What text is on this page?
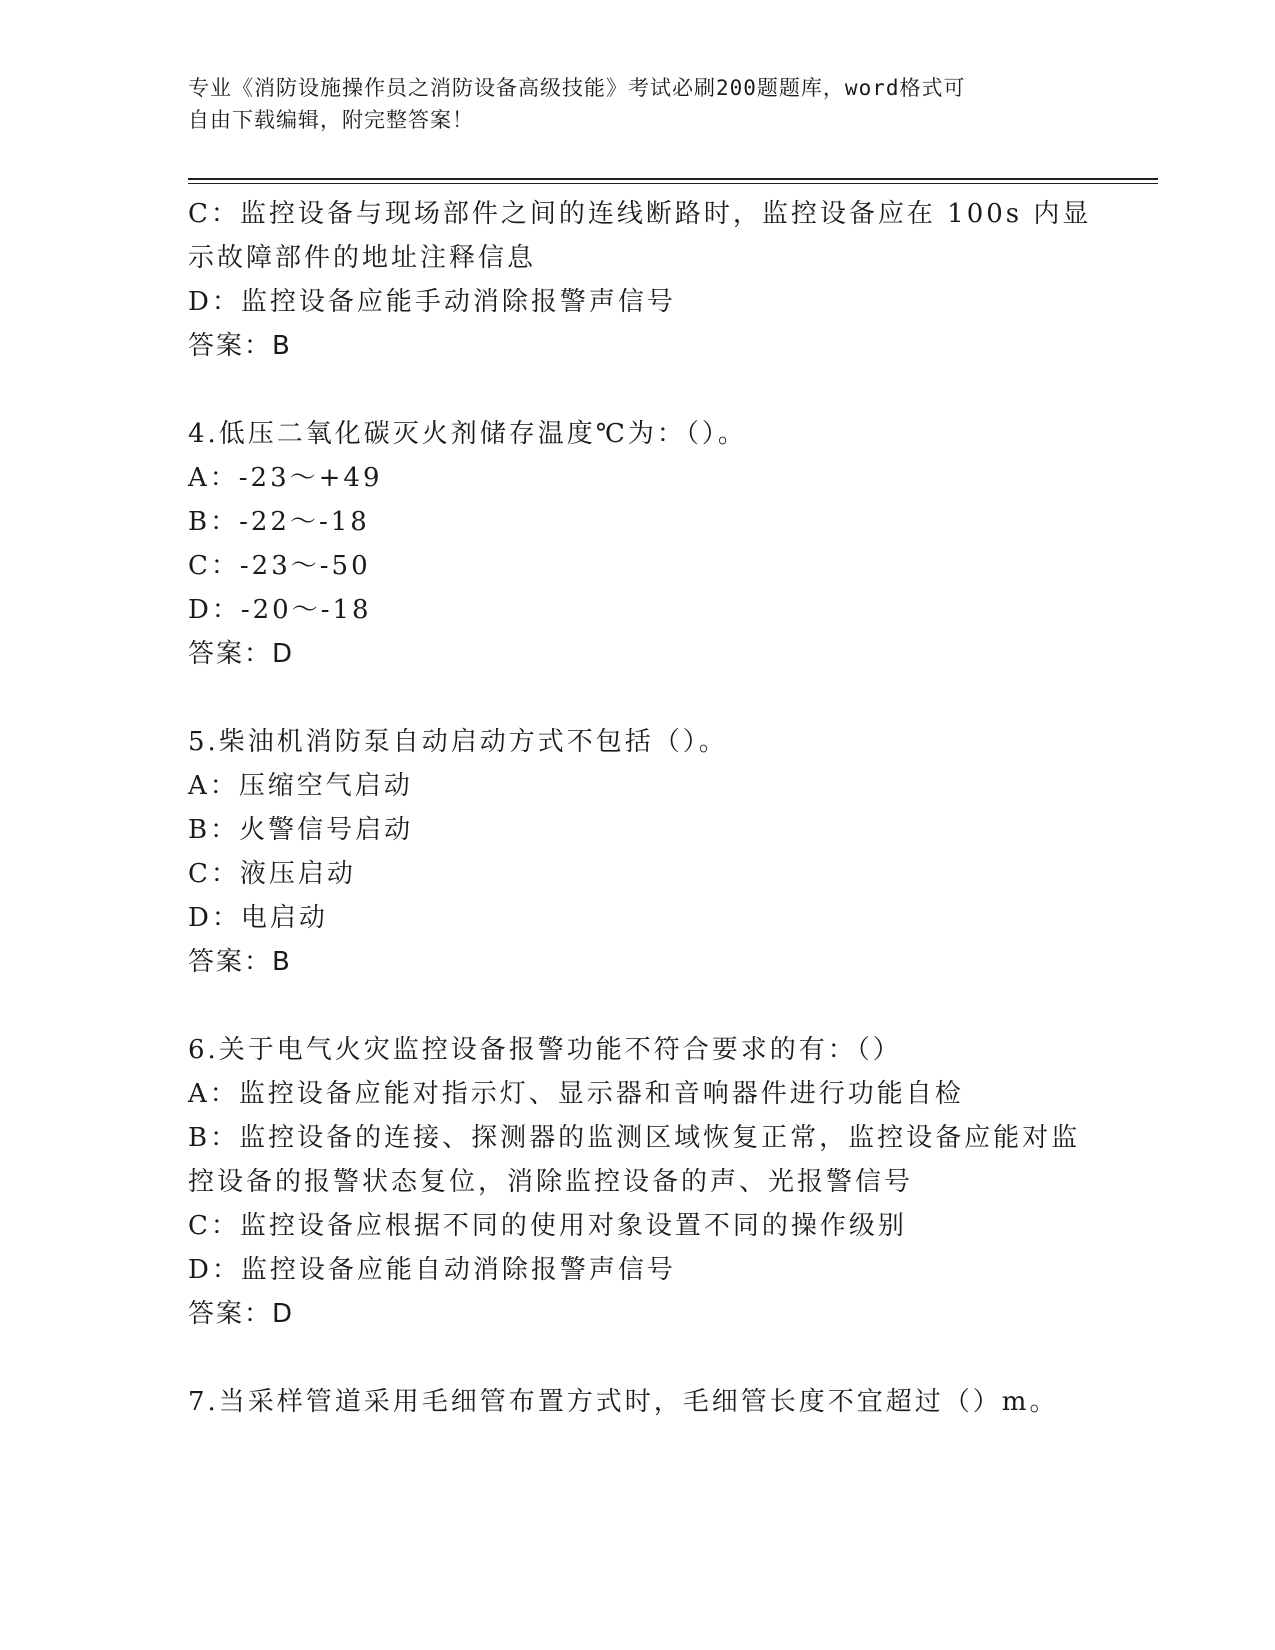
专业《消防设施操作员之消防设备高级技能》考试必刷200题题库，word格式可
自由下载编辑，附完整答案！
C：监控设备与现场部件之间的连线断路时，监控设备应在 100s 内显
示故障部件的地址注释信息
D：监控设备应能手动消除报警声信号
答案：B
4.低压二氧化碳灭火剂储存温度℃为：（）。
A：-23～+49
B：-22～-18
C：-23～-50
D：-20～-18
答案：D
5.柴油机消防泵自动启动方式不包括（）。
A：压缩空气启动
B：火警信号启动
C：液压启动
D：电启动
答案：B
6.关于电气火灾监控设备报警功能不符合要求的有：（）
A：监控设备应能对指示灯、显示器和音响器件进行功能自检
B：监控设备的连接、探测器的监测区域恢复正常，监控设备应能对监
控设备的报警状态复位，消除监控设备的声、光报警信号
C：监控设备应根据不同的使用对象设置不同的操作级别
D：监控设备应能自动消除报警声信号
答案：D
7.当采样管道采用毛细管布置方式时，毛细管长度不宜超过（）m。
